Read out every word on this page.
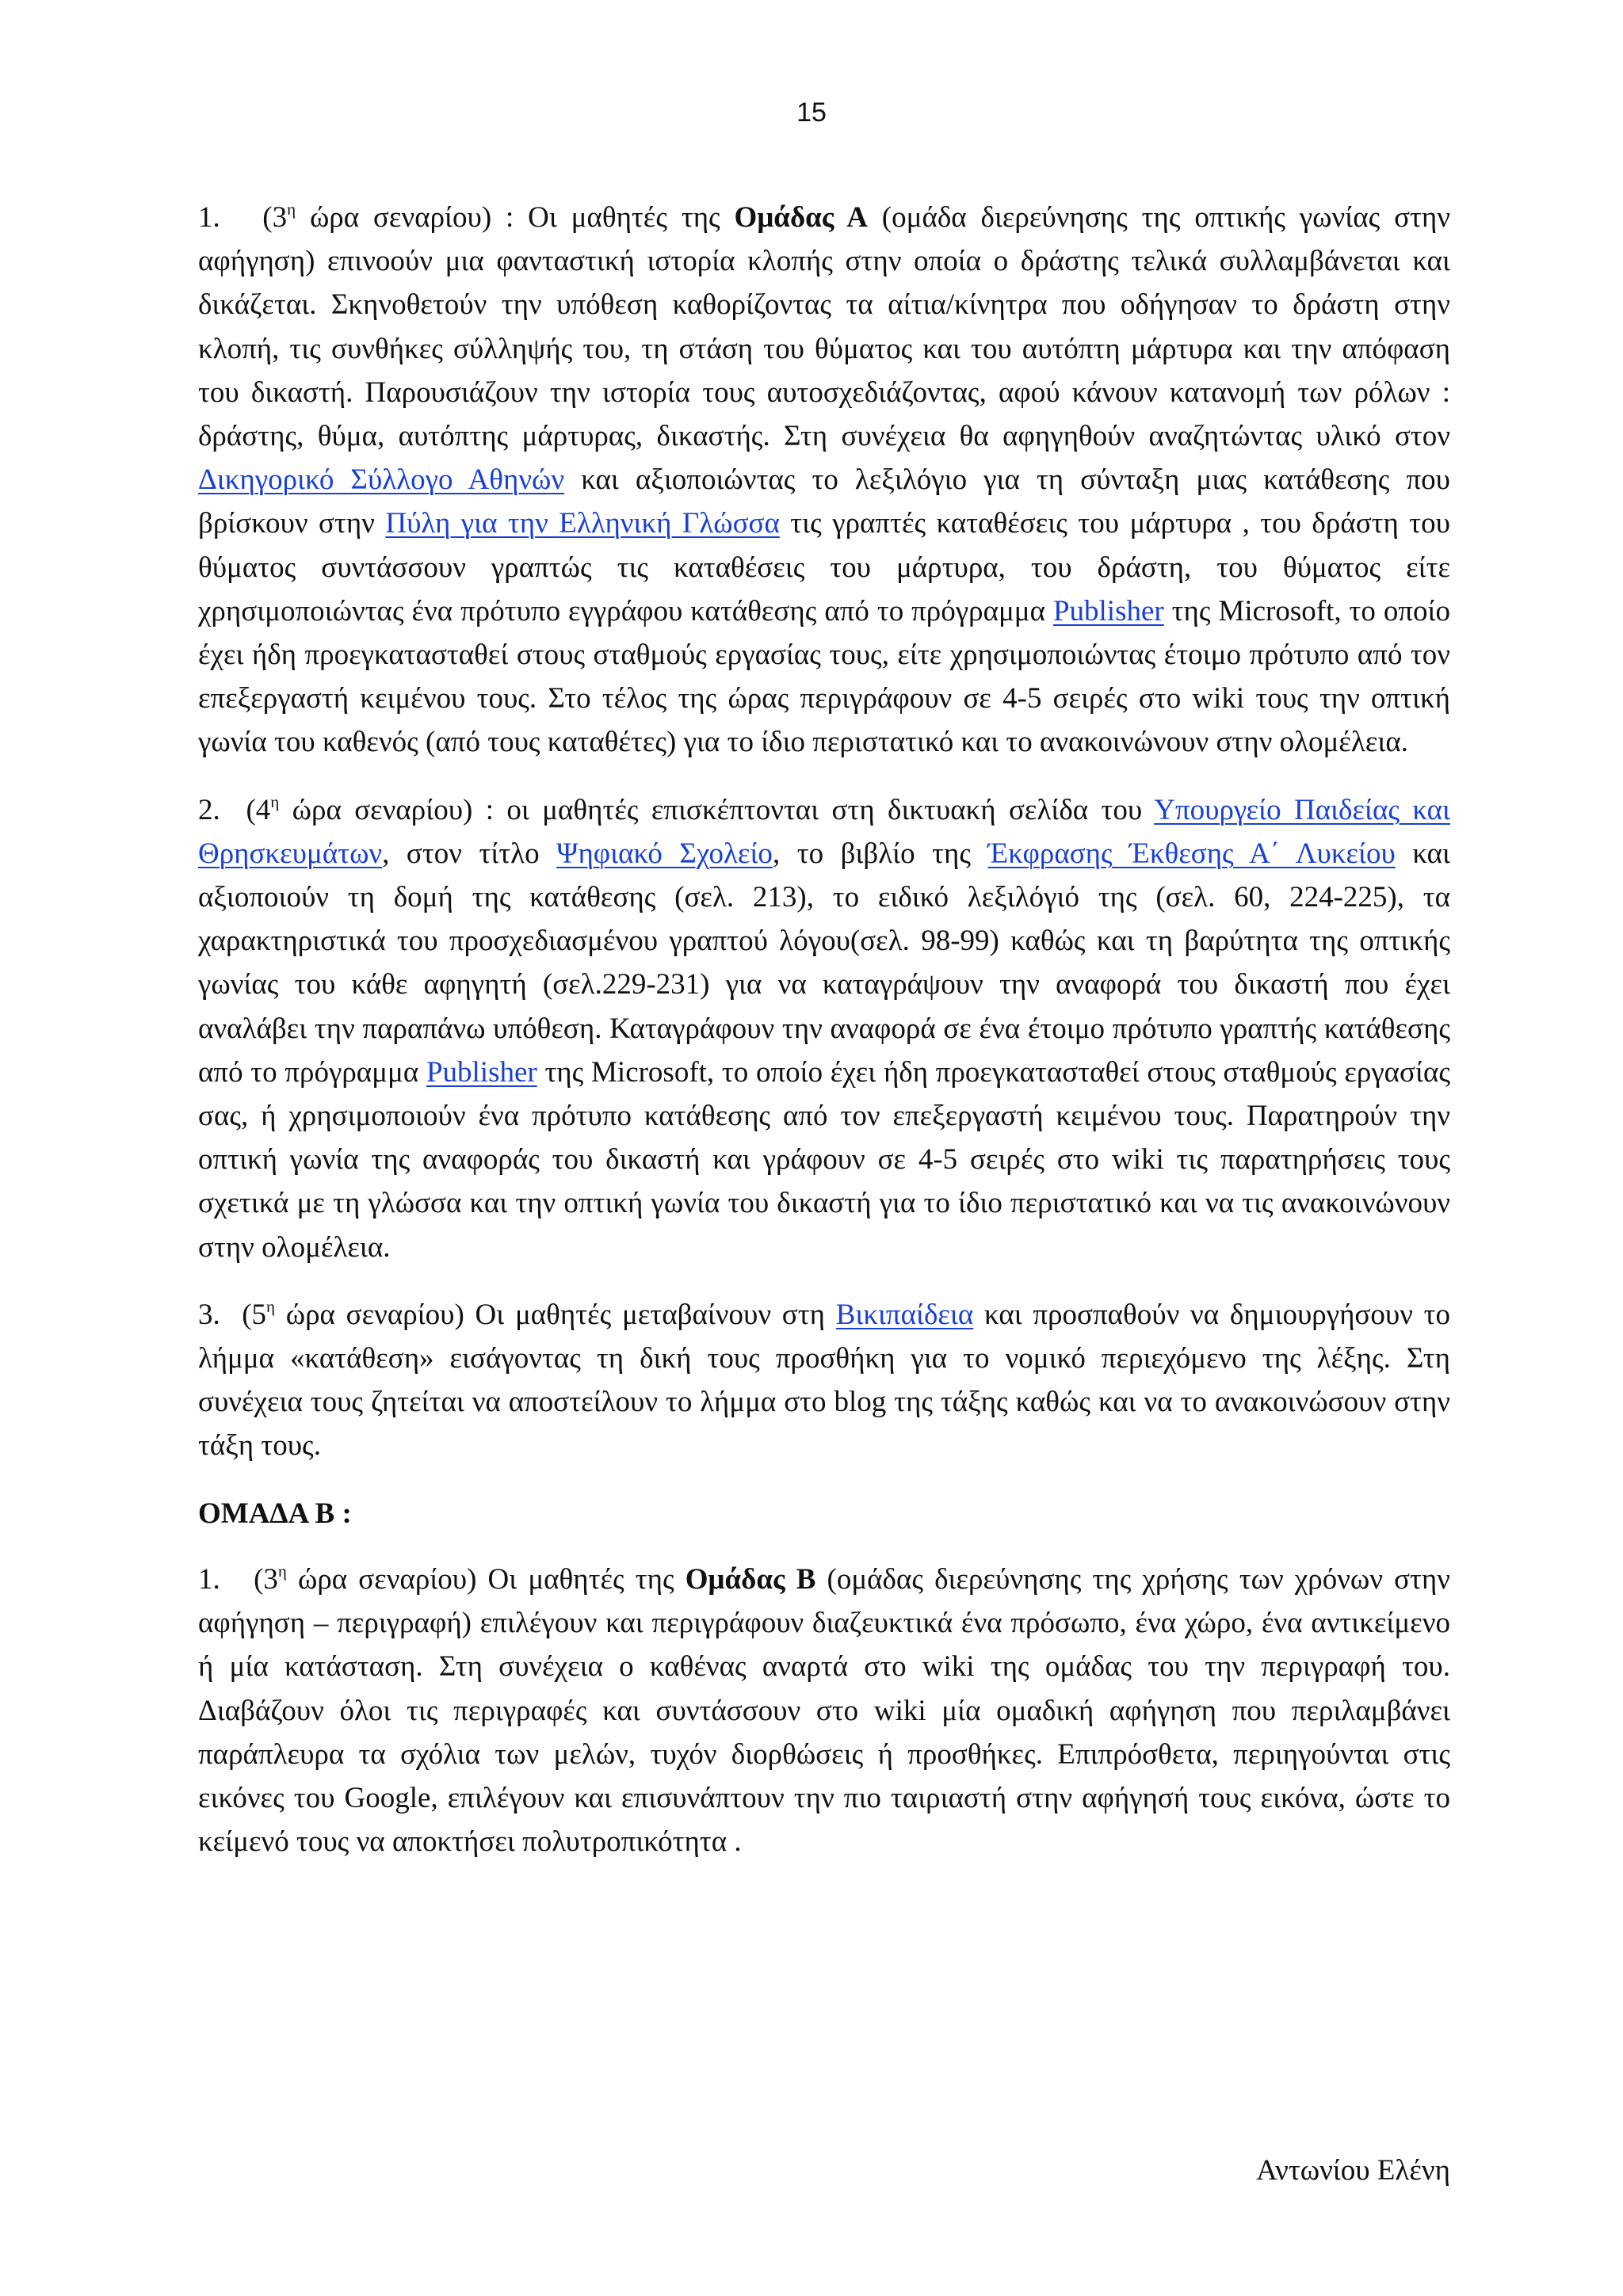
15

1. ($3^\eta$ ώρα σεναρίου) : Οι μαθητές της Ομάδας Α (ομάδα διερεύνησης της οπτικής γωνίας στην αφήγηση) επινοούν μια φανταστική ιστορία κλοπής στην οποία ο δράστης τελικά συλλαμβάνεται και δικάζεται. Σκηνοθετούν την υπόθεση καθορίζοντας τα αίτια/κίνητρα που οδήγησαν το δράστη στην κλοπή, τις συνθήκες σύλληψής του, τη στάση του θύματος και του αυτόπτη μάρτυρα και την απόφαση του δικαστή. Παρουσιάζουν την ιστορία τους αυτοσχεδιάζοντας, αφού κάνουν κατανομή των ρόλων : δράστης, θύμα, αυτόπτης μάρτυρας, δικαστής. Στη συνέχεια θα αφηγηθούν αναζητώντας υλικό στον Δικηγορικό Σύλλογο Αθηνών και αξιοποιώντας το λεξιλόγιο για τη σύνταξη μιας κατάθεσης που βρίσκουν στην Πύλη για την Ελληνική Γλώσσα τις γραπτές καταθέσεις του μάρτυρα , του δράστη του θύματος συντάσσουν γραπτώς τις καταθέσεις του μάρτυρα, του δράστη, του θύματος είτε χρησιμοποιώντας ένα πρότυπο εγγράφου κατάθεσης από το πρόγραμμα Publisher της Microsoft, το οποίο έχει ήδη προεγκατασταθεί στους σταθμούς εργασίας τους, είτε χρησιμοποιώντας έτοιμο πρότυπο από τον επεξεργαστή κειμένου τους. Στο τέλος της ώρας περιγράφουν σε 4-5 σειρές στο wiki τους την οπτική γωνία του καθενός (από τους καταθέτες) για το ίδιο περιστατικό και το ανακοινώνουν στην ολομέλεια.

2. ($4^\eta$ ώρα σεναρίου) : οι μαθητές επισκέπτονται στη δικτυακή σελίδα του Υπουργείο Παιδείας και Θρησκευμάτων, στον τίτλο Ψηφιακό Σχολείο, το βιβλίο της Έκφρασης Έκθεσης Α΄ Λυκείου και αξιοποιούν τη δομή της κατάθεσης (σελ. 213), το ειδικό λεξιλόγιό της (σελ. 60, 224-225), τα χαρακτηριστικά του προσχεδιασμένου γραπτού λόγου(σελ. 98-99) καθώς και τη βαρύτητα της οπτικής γωνίας του κάθε αφηγητή (σελ.229-231) για να καταγράψουν την αναφορά του δικαστή που έχει αναλάβει την παραπάνω υπόθεση. Καταγράφουν την αναφορά σε ένα έτοιμο πρότυπο γραπτής κατάθεσης από το πρόγραμμα Publisher της Microsoft, το οποίο έχει ήδη προεγκατασταθεί στους σταθμούς εργασίας σας, ή χρησιμοποιούν ένα πρότυπο κατάθεσης από τον επεξεργαστή κειμένου τους. Παρατηρούν την οπτική γωνία της αναφοράς του δικαστή και γράφουν σε 4-5 σειρές στο wiki τις παρατηρήσεις τους σχετικά με τη γλώσσα και την οπτική γωνία του δικαστή για το ίδιο περιστατικό και να τις ανακοινώνουν στην ολομέλεια.

3. ($5^\eta$ ώρα σεναρίου) Οι μαθητές μεταβαίνουν στη Βικιπαίδεια και προσπαθούν να δημιουργήσουν το λήμμα «κατάθεση» εισάγοντας τη δική τους προσθήκη για το νομικό περιεχόμενο της λέξης. Στη συνέχεια τους ζητείται να αποστείλουν το λήμμα στο blog της τάξης καθώς και να το ανακοινώσουν στην τάξη τους.

ΟΜΑΔΑ Β :

1. ($3^\eta$ ώρα σεναρίου) Οι μαθητές της Ομάδας Β (ομάδας διερεύνησης της χρήσης των χρόνων στην αφήγηση – περιγραφή) επιλέγουν και περιγράφουν διαζευκτικά ένα πρόσωπο, ένα χώρο, ένα αντικείμενο ή μία κατάσταση. Στη συνέχεια ο καθένας αναρτά στο wiki της ομάδας του την περιγραφή του. Διαβάζουν όλοι τις περιγραφές και συντάσσουν στο wiki μία ομαδική αφήγηση που περιλαμβάνει παράπλευρα τα σχόλια των μελών, τυχόν διορθώσεις ή προσθήκες. Επιπρόσθετα, περιηγούνται στις εικόνες του Google, επιλέγουν και επισυνάπτουν την πιο ταιριαστή στην αφήγησή τους εικόνα, ώστε το κείμενό τους να αποκτήσει πολυτροπικότητα .

Αντωνίου Ελένη
